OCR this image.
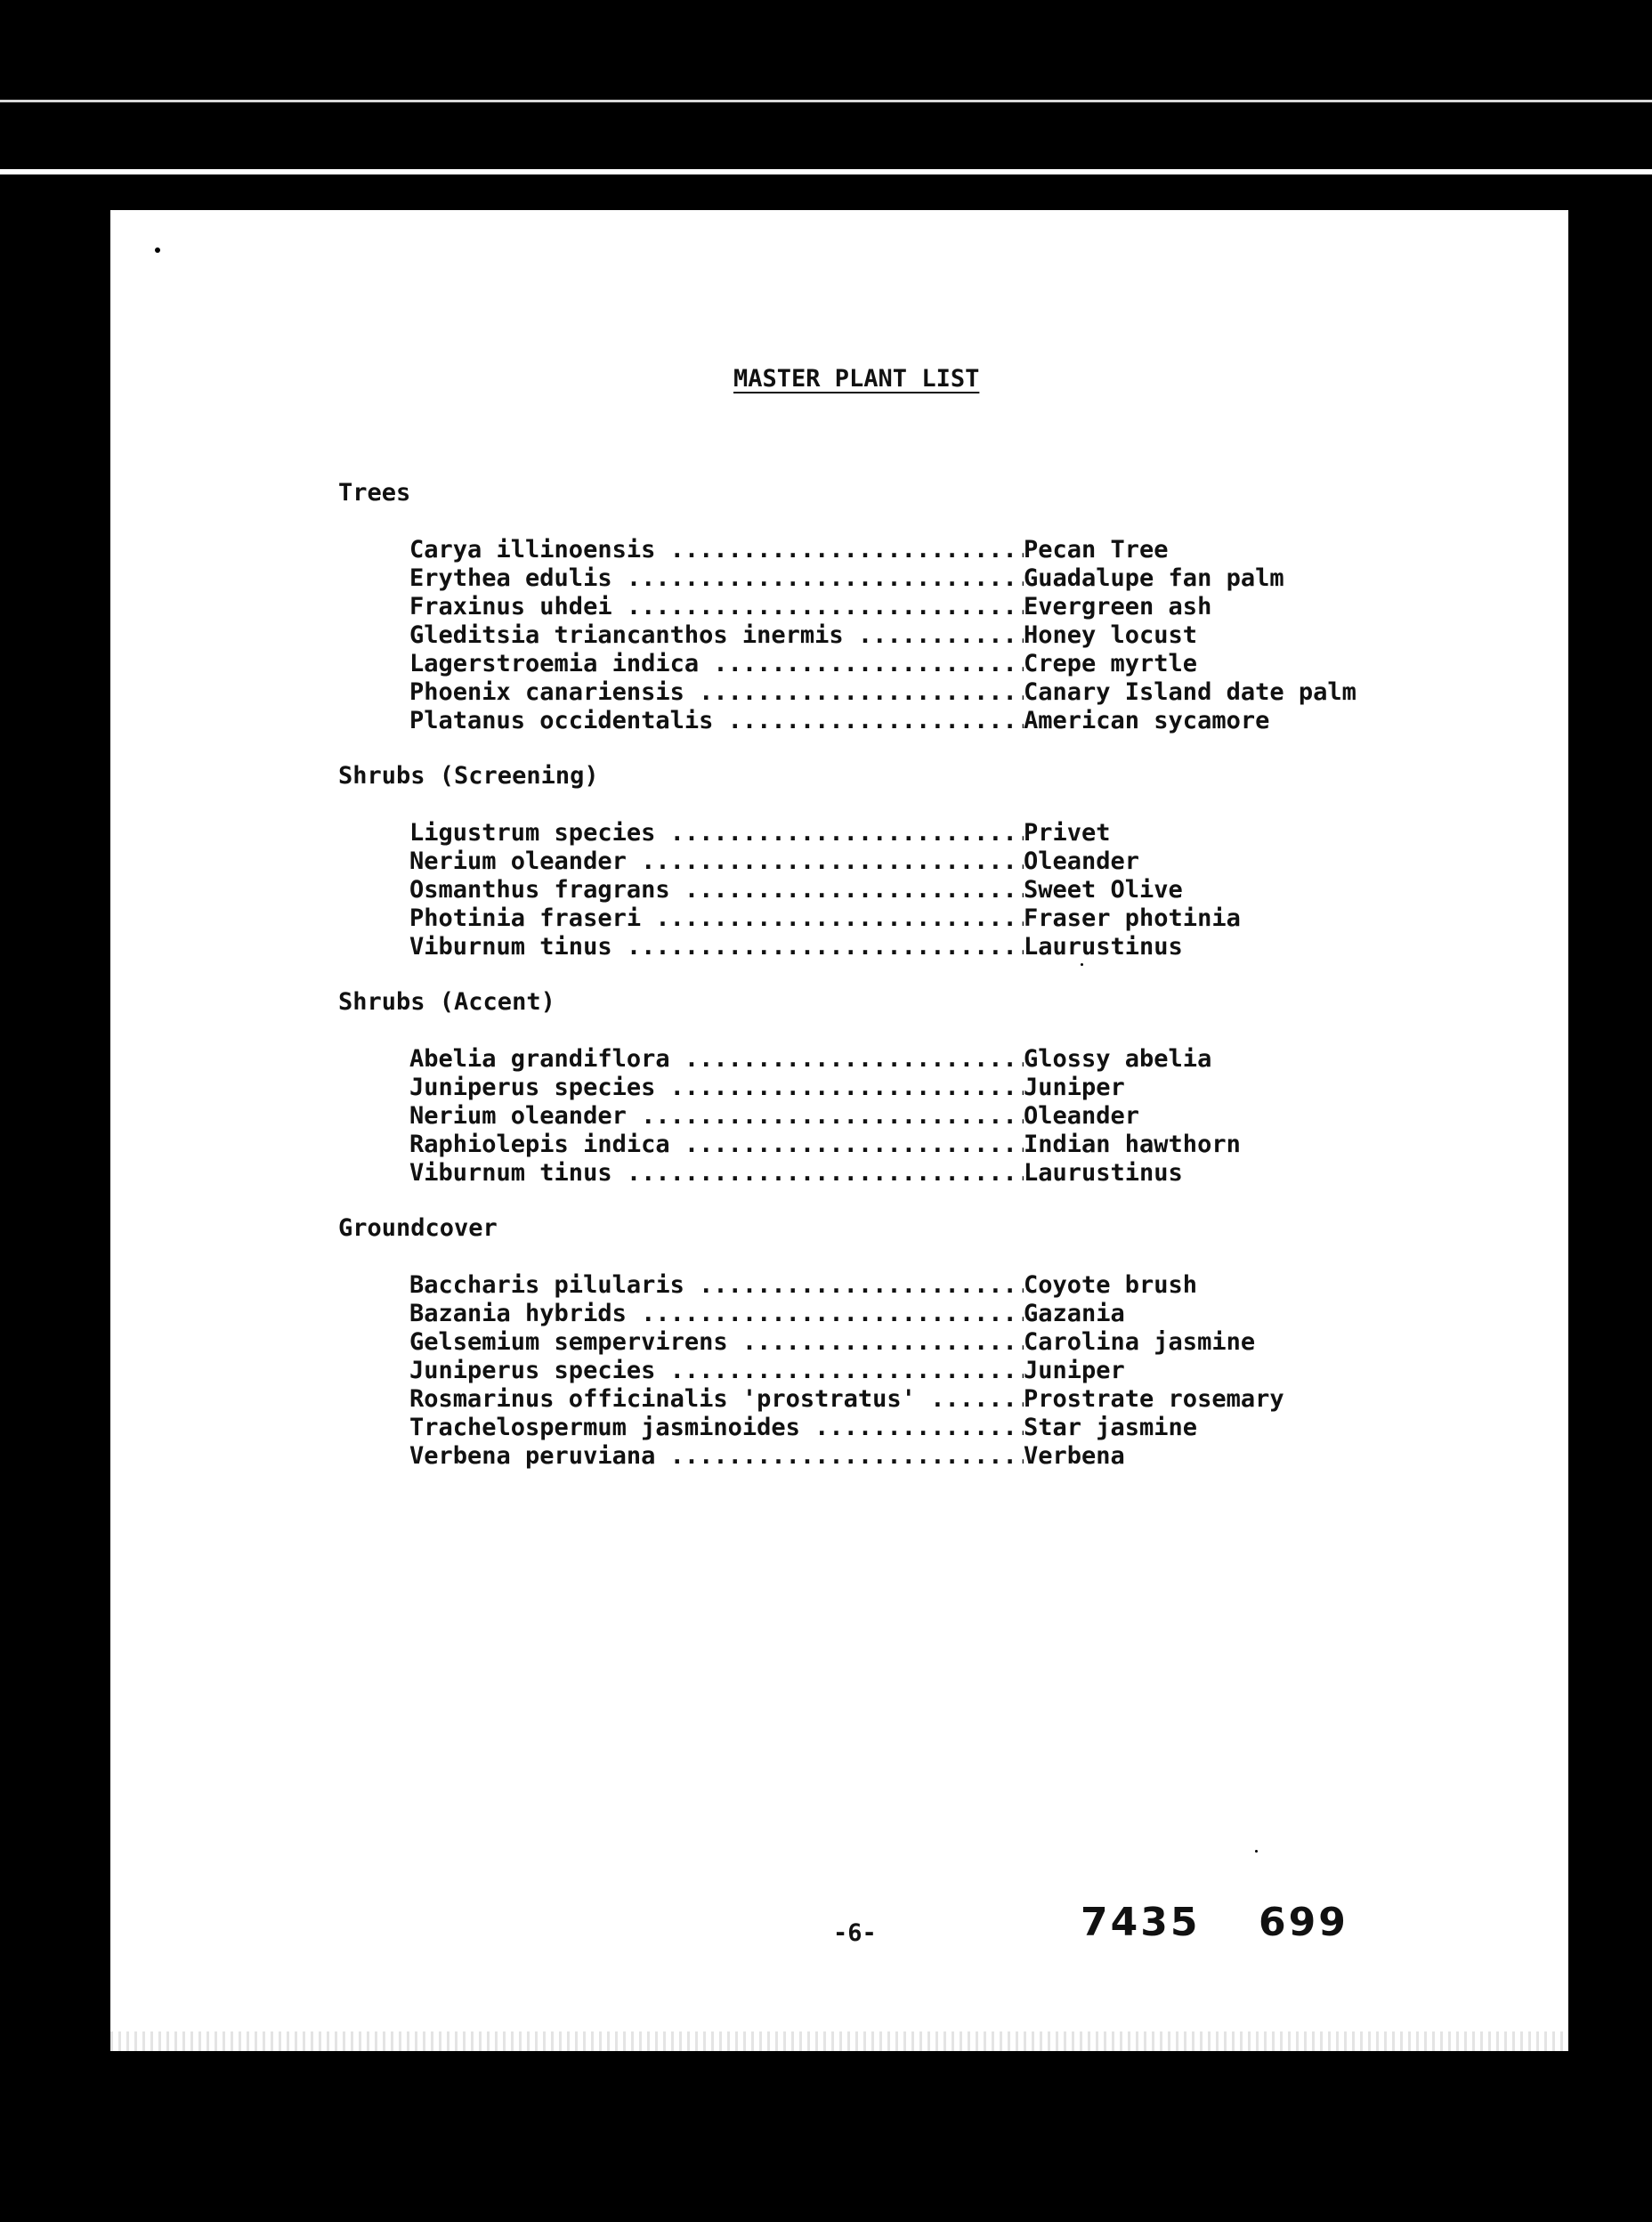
MASTER PLANT LIST
Trees
Carya illinoensis .....	Pecan Tree
Erythea edulis .....	Guadalupe fan palm
Fraxinus uhdei .....	Evergreen ash
Gleditsia triancanthos inermis .....	Honey locust
Lagerstroemia indica .....	Crepe myrtle
Phoenix canariensis .....	Canary Island date palm
Platanus occidentalis .....	American sycamore
Shrubs (Screening)
Ligustrum species .....	Privet
Nerium oleander .....	Oleander
Osmanthus fragrans .....	Sweet Olive
Photinia fraseri .....	Fraser photinia
Viburnum tinus .....	Laurustinus
Shrubs (Accent)
Abelia grandiflora .....	Glossy abelia
Juniperus species .....	Juniper
Nerium oleander .....	Oleander
Raphiolepis indica .....	Indian hawthorn
Viburnum tinus .....	Laurustinus
Groundcover
Baccharis pilularis .....	Coyote brush
Bazania hybrids .....	Gazania
Gelsemium sempervirens .....	Carolina jasmine
Juniperus species .....	Juniper
Rosmarinus officinalis 'prostratus' .....	Prostrate rosemary
Trachelospermum jasminoides .....	Star jasmine
Verbena peruviana .....	Verbena
-6-	7435 699
